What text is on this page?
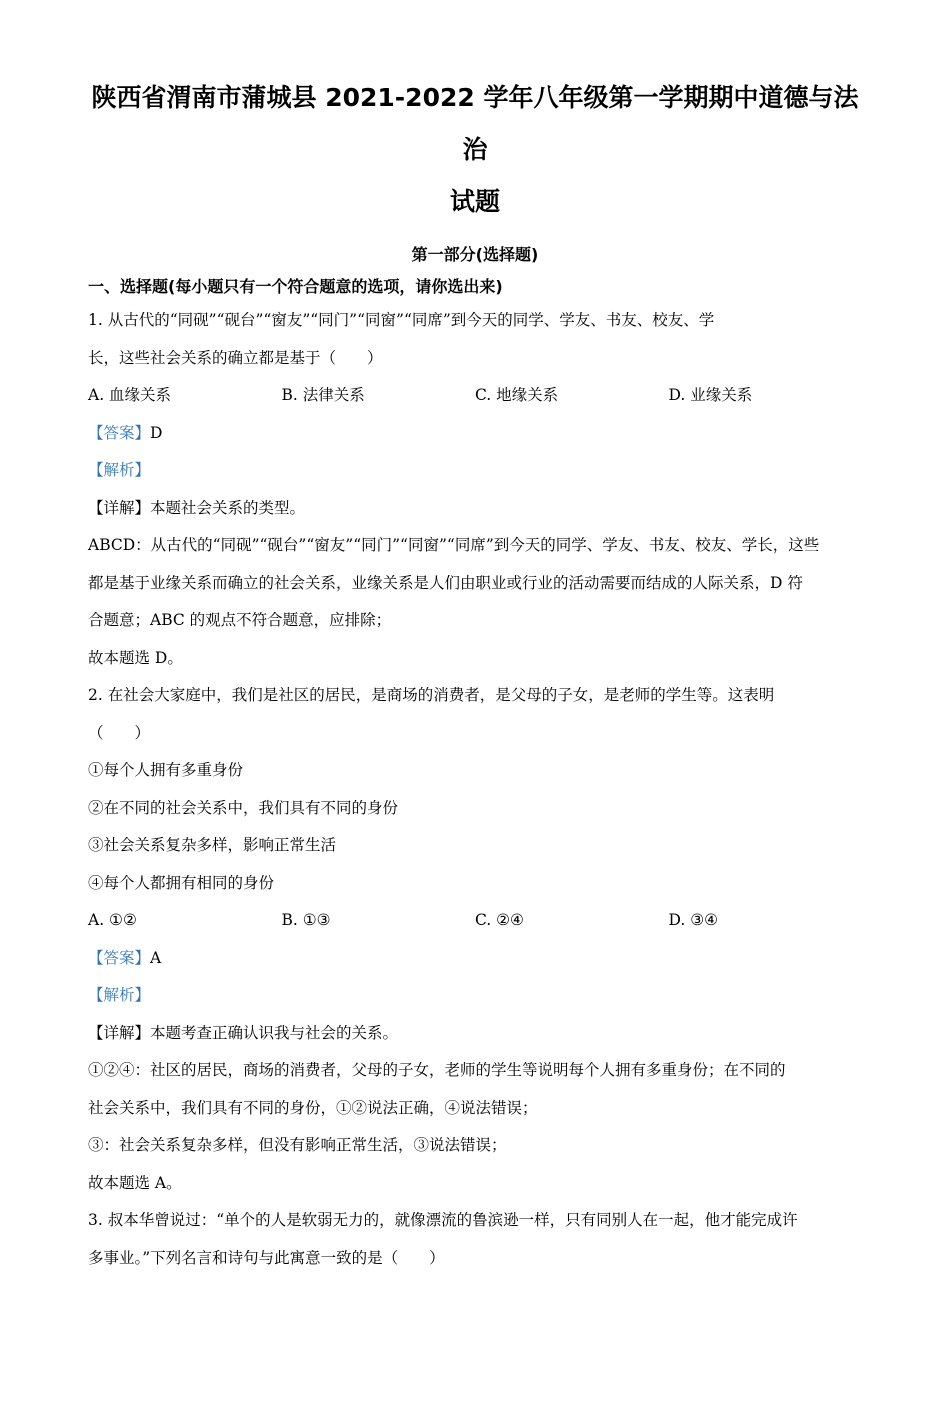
陕西省渭南市蒲城县 2021-2022 学年八年级第一学期期中道德与法治
试题
第一部分(选择题)
一、选择题(每小题只有一个符合题意的选项，请你选出来)
1. 从古代的“同砚”“砚台”“窗友”“同门”“同窗”“同席”到今天的同学、学友、书友、校友、学
长，这些社会关系的确立都是基于（　　）
A. 血缘关系	B. 法律关系	C. 地缘关系	D. 业缘关系
【答案】D
【解析】
【详解】本题社会关系的类型。
ABCD：从古代的“同砚”“砚台”“窗友”“同门”“同窗”“同席”到今天的同学、学友、书友、校友、学长，这些
都是基于业缘关系而确立的社会关系，业缘关系是人们由职业或行业的活动需要而结成的人际关系，D 符
合题意；ABC 的观点不符合题意，应排除；
故本题选 D。
2. 在社会大家庭中，我们是社区的居民，是商场的消费者，是父母的子女，是老师的学生等。这表明
（　　）
①每个人拥有多重身份
②在不同的社会关系中，我们具有不同的身份
③社会关系复杂多样，影响正常生活
④每个人都拥有相同的身份
A. ①②	B. ①③	C. ②④	D. ③④
【答案】A
【解析】
【详解】本题考查正确认识我与社会的关系。
①②④：社区的居民，商场的消费者，父母的子女，老师的学生等说明每个人拥有多重身份；在不同的
社会关系中，我们具有不同的身份，①②说法正确，④说法错误；
③：社会关系复杂多样，但没有影响正常生活，③说法错误；
故本题选 A。
3. 叔本华曾说过：“单个的人是软弱无力的，就像漂流的鲁滨逊一样，只有同别人在一起，他才能完成许
多事业。”下列名言和诗句与此寓意一致的是（　　）
